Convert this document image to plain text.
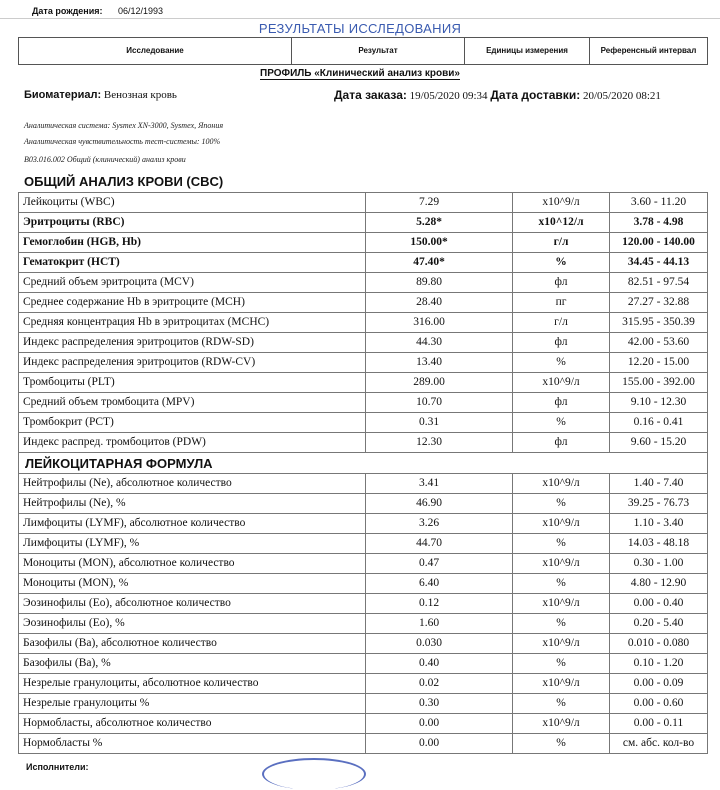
Дата рождения: 06/12/1993
РЕЗУЛЬТАТЫ ИССЛЕДОВАНИЯ
Исследование	Результат	Единицы измерения	Референсный интервал
ПРОФИЛЬ «Клинический анализ крови»
Биоматериал: Венозная кровь	Дата заказа: 19/05/2020 09:34 Дата доставки: 20/05/2020 08:21
Аналитическая система: Sysmex XN-3000, Sysmex, Япония
Аналитическая чувствительность тест-системы: 100%
B03.016.002 Общий (клинический) анализ крови
ОБЩИЙ АНАЛИЗ КРОВИ (CBC)
Лейкоциты (WBC)	7.29	x10^9/л	3.60 - 11.20
Эритроциты (RBC)	5.28*	x10^12/л	3.78 - 4.98
Гемоглобин (HGB, Hb)	150.00*	г/л	120.00 - 140.00
Гематокрит (HCT)	47.40*	%	34.45 - 44.13
Средний объем эритроцита (MCV)	89.80	фл	82.51 - 97.54
Среднее содержание Hb в эритроците (MCH)	28.40	пг	27.27 - 32.88
Средняя концентрация Hb в эритроцитах (MCHC)	316.00	г/л	315.95 - 350.39
Индекс распределения эритроцитов (RDW-SD)	44.30	фл	42.00 - 53.60
Индекс распределения эритроцитов (RDW-CV)	13.40	%	12.20 - 15.00
Тромбоциты (PLT)	289.00	x10^9/л	155.00 - 392.00
Средний объем тромбоцита (MPV)	10.70	фл	9.10 - 12.30
Тромбокрит (PCT)	0.31	%	0.16 - 0.41
Индекс распред. тромбоцитов (PDW)	12.30	фл	9.60 - 15.20
ЛЕЙКОЦИТАРНАЯ ФОРМУЛА			
Нейтрофилы (Ne), абсолютное количество	3.41	x10^9/л	1.40 - 7.40
Нейтрофилы (Ne), %	46.90	%	39.25 - 76.73
Лимфоциты (LYMF), абсолютное количество	3.26	x10^9/л	1.10 - 3.40
Лимфоциты (LYMF), %	44.70	%	14.03 - 48.18
Моноциты (MON), абсолютное количество	0.47	x10^9/л	0.30 - 1.00
Моноциты (MON), %	6.40	%	4.80 - 12.90
Эозинофилы (Eo), абсолютное количество	0.12	x10^9/л	0.00 - 0.40
Эозинофилы (Eo), %	1.60	%	0.20 - 5.40
Базофилы (Ba), абсолютное количество	0.030	x10^9/л	0.010 - 0.080
Базофилы (Ba), %	0.40	%	0.10 - 1.20
Незрелые гранулоциты, абсолютное количество	0.02	x10^9/л	0.00 - 0.09
Незрелые гранулоциты %	0.30	%	0.00 - 0.60
Нормобласты, абсолютное количество	0.00	x10^9/л	0.00 - 0.11
Нормобласты %	0.00	%	см. абс. кол-во
Исполнители:
